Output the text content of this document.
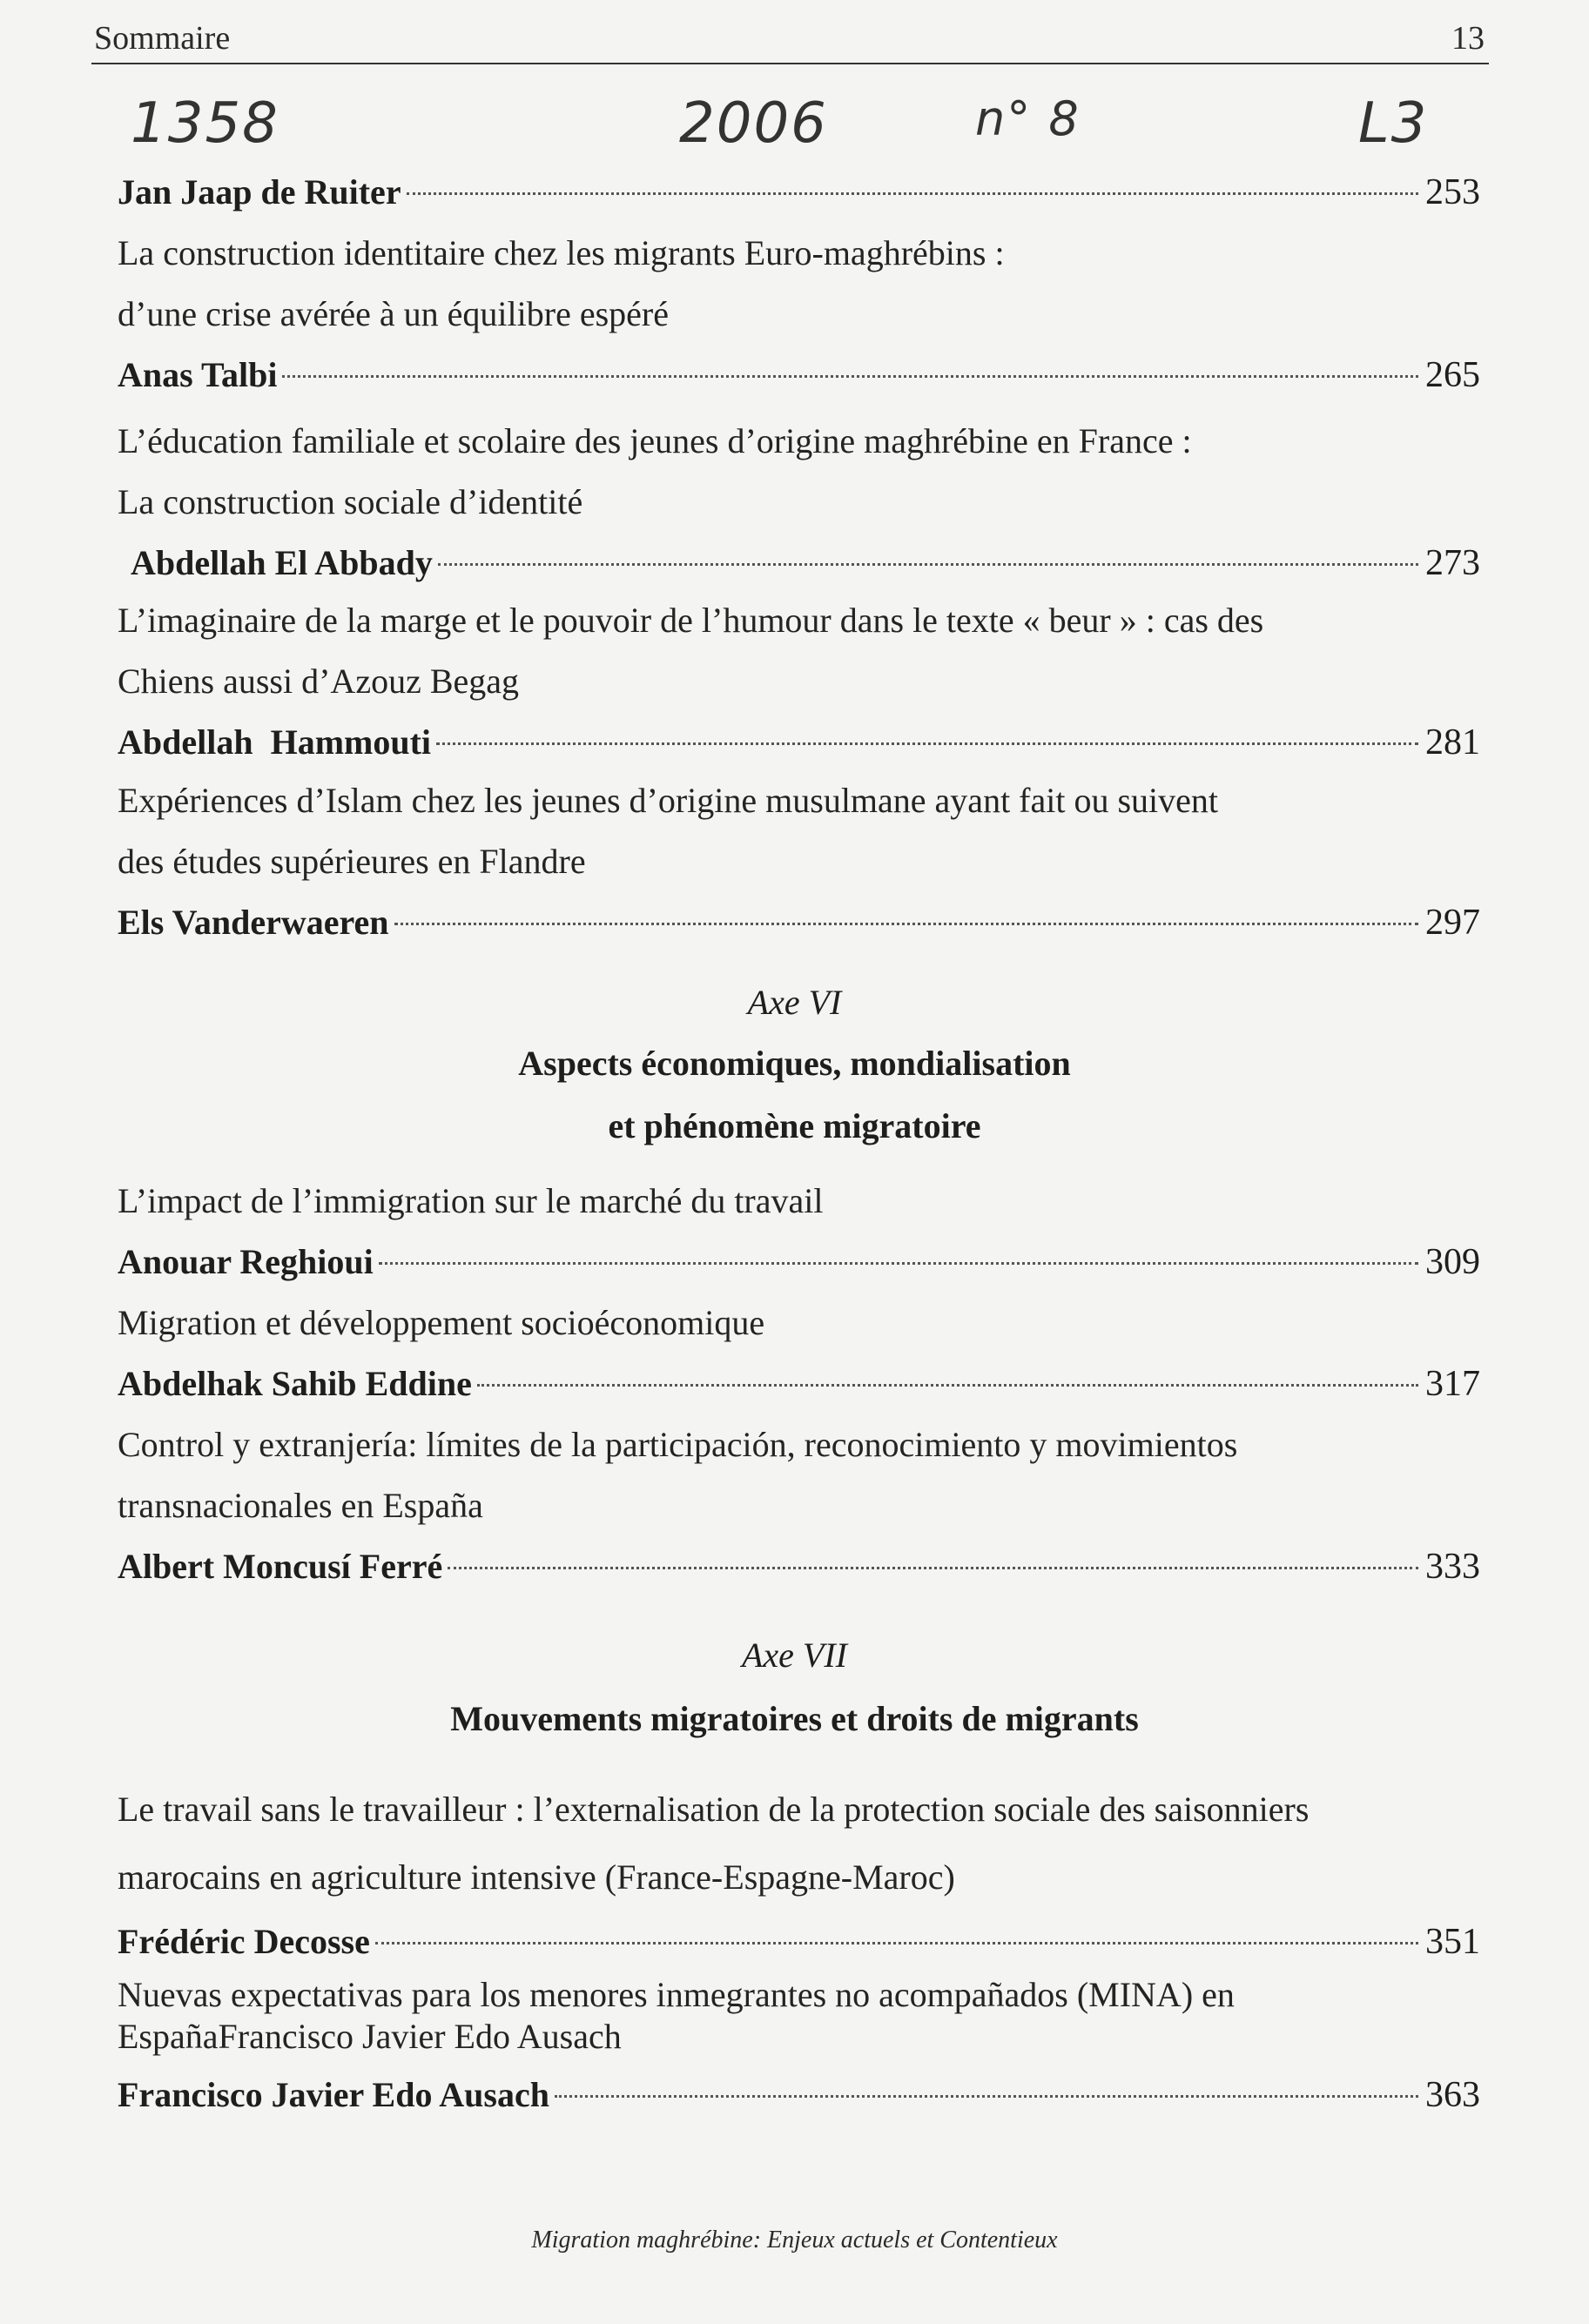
Sommaire	13
1358	2006	n° 8	L3
Jan Jaap de Ruiter	253
La construction identitaire chez les migrants Euro-maghrébins :
d’une crise avérée à un équilibre espéré
Anas Talbi	265
L’éducation familiale et scolaire des jeunes d’origine maghrébine en France :
La construction sociale d’identité
Abdellah El Abbady	273
L’imaginaire de la marge et le pouvoir de l’humour dans le texte « beur » : cas des
Chiens aussi d’Azouz Begag
Abdellah  Hammouti	281
Expériences d’Islam chez les jeunes d’origine musulmane ayant fait ou suivent
des études supérieures en Flandre
Els Vanderwaeren	297
Axe VI
Aspects économiques, mondialisation
et phénomène migratoire
L’impact de l’immigration sur le marché du travail
Anouar Reghioui	309
Migration et développement socioéconomique
Abdelhak Sahib Eddine	317
Control y extranjería: límites de la participación, reconocimiento y movimientos
transnacionales en España
Albert Moncusí Ferré	333
Axe VII
Mouvements migratoires et droits de migrants
Le travail sans le travailleur : l’externalisation de la protection sociale des saisonniers
marocains en agriculture intensive (France-Espagne-Maroc)
Frédéric Decosse	351
Nuevas expectativas para los menores inmegrantes no acompañados (MINA) en
EspañaFrancisco Javier Edo Ausach
Francisco Javier Edo Ausach	363
Migration maghrébine: Enjeux actuels et Contentieux
